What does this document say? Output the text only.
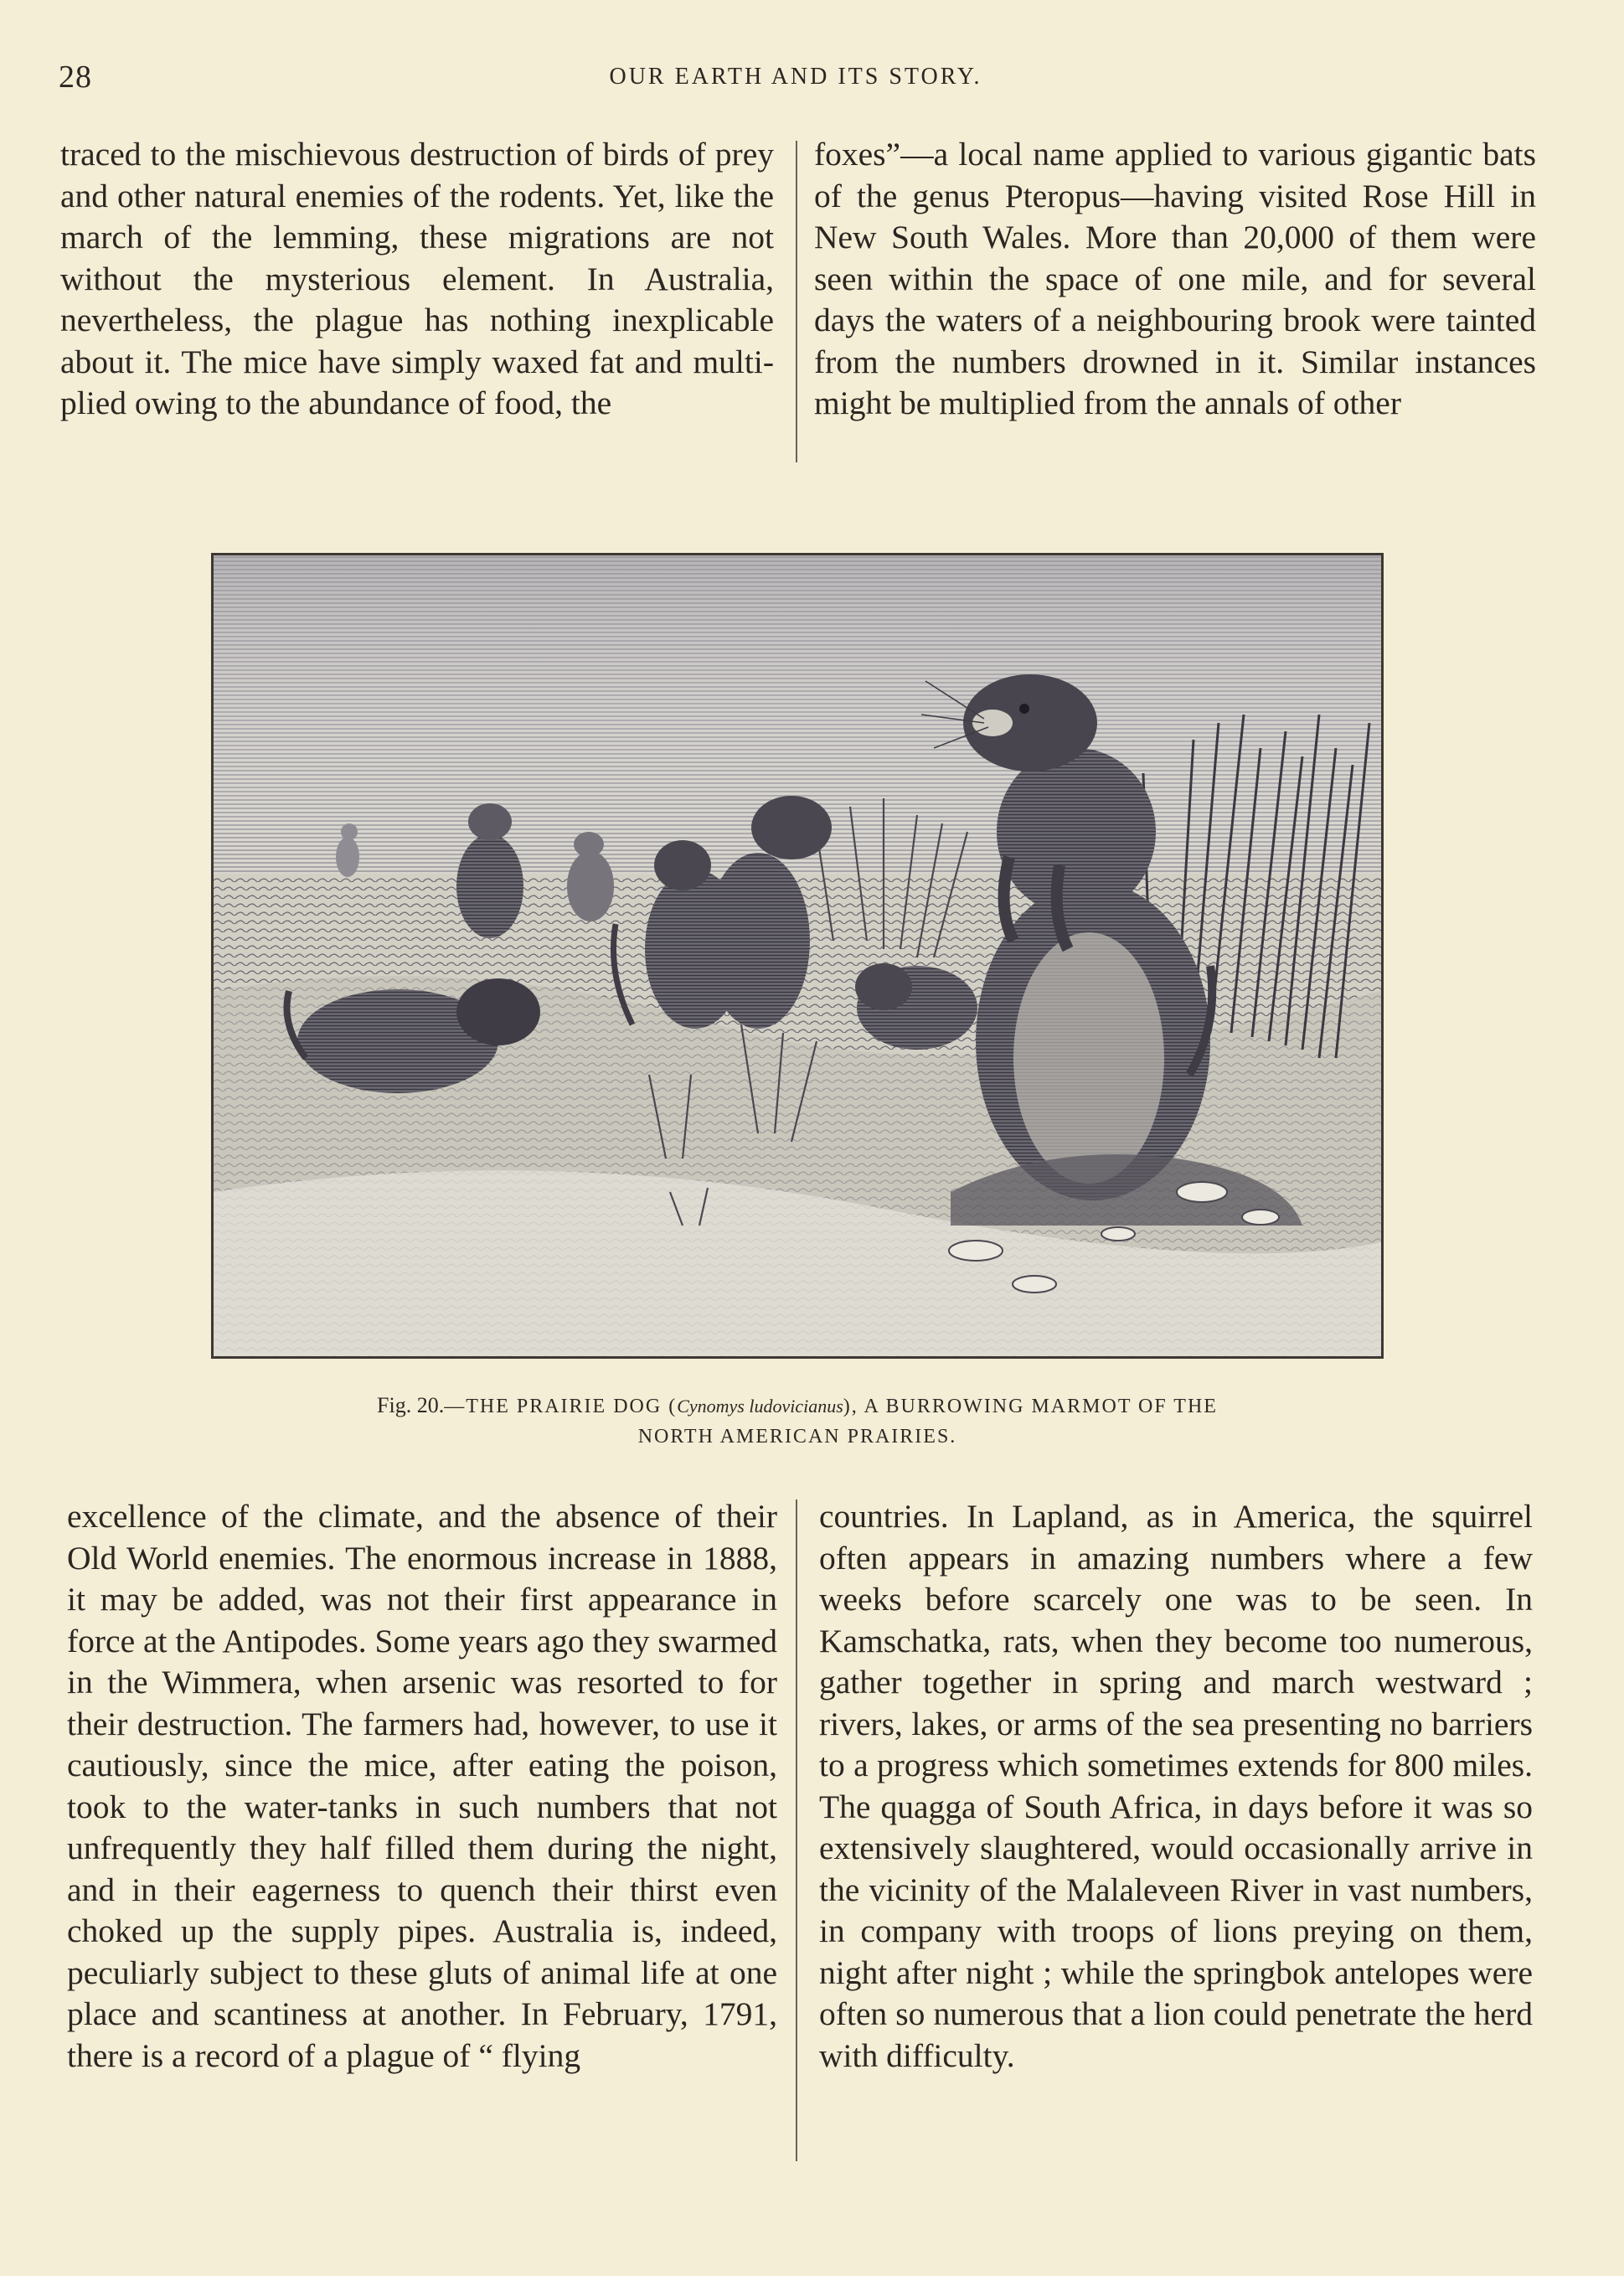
28	OUR EARTH AND ITS STORY.

traced to the mischievous destruction of birds of prey and other natural enemies of the rodents. Yet, like the march of the lemming, these migrations are not without the mysterious element. In Australia, nevertheless, the plague has nothing inexplicable about it. The mice have simply waxed fat and multiplied owing to the abundance of food, the

foxes”—a local name applied to various gigantic bats of the genus Pteropus—having visited Rose Hill in New South Wales. More than 20,000 of them were seen within the space of one mile, and for several days the waters of a neighbouring brook were tainted from the numbers drowned in it. Similar instances might be multiplied from the annals of other

Fig. 20.—THE PRAIRIE DOG (Cynomys ludovicianus), A BURROWING MARMOT OF THE
NORTH AMERICAN PRAIRIES.

excellence of the climate, and the absence of their Old World enemies. The enormous increase in 1888, it may be added, was not their first appearance in force at the Antipodes. Some years ago they swarmed in the Wimmera, when arsenic was resorted to for their destruction. The farmers had, however, to use it cautiously, since the mice, after eating the poison, took to the water-tanks in such numbers that not unfrequently they half filled them during the night, and in their eagerness to quench their thirst even choked up the supply pipes. Australia is, indeed, peculiarly subject to these gluts of animal life at one place and scantiness at another. In February, 1791, there is a record of a plague of “ flying

countries. In Lapland, as in America, the squirrel often appears in amazing numbers where a few weeks before scarcely one was to be seen. In Kamschatka, rats, when they become too numerous, gather together in spring and march westward ; rivers, lakes, or arms of the sea presenting no barriers to a progress which sometimes extends for 800 miles. The quagga of South Africa, in days before it was so extensively slaughtered, would occasionally arrive in the vicinity of the Malaleveen River in vast numbers, in company with troops of lions preying on them, night after night ; while the springbok antelopes were often so numerous that a lion could penetrate the herd with difficulty.
